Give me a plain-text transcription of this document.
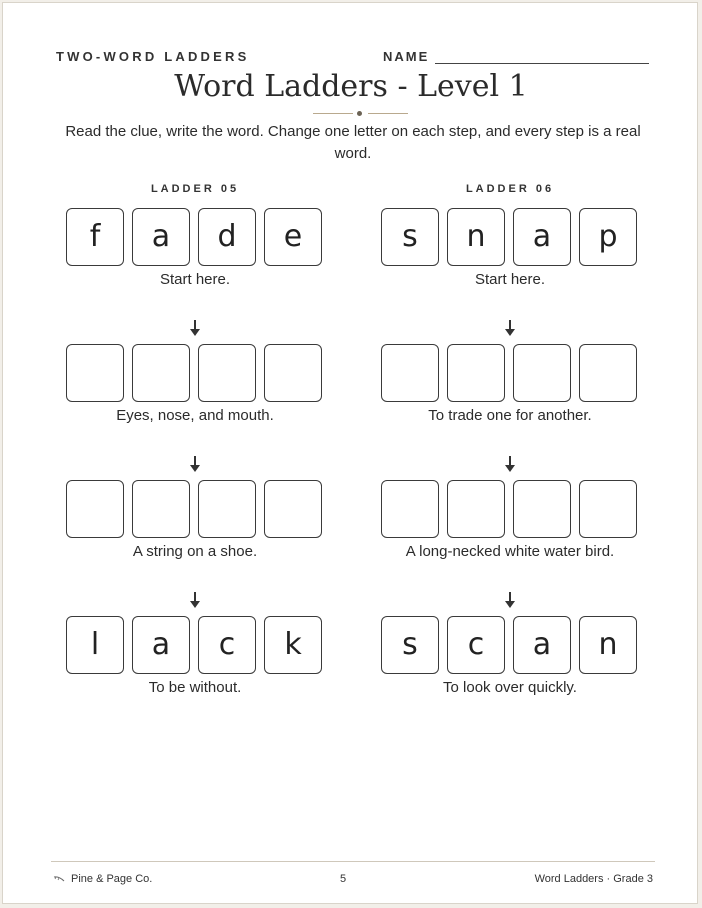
TWO-WORD LADDERS	NAME
Word Ladders - Level 1
Read the clue, write the word. Change one letter on each step, and every step is a real word.
LADDER 05
f	a	d	e
Start here.
Eyes, nose, and mouth.
A string on a shoe.
l	a	c	k
To be without.
LADDER 06
s	n	a	p
Start here.
To trade one for another.
A long-necked white water bird.
s	c	a	n
To look over quickly.
Pine & Page Co.	5	Word Ladders · Grade 3
